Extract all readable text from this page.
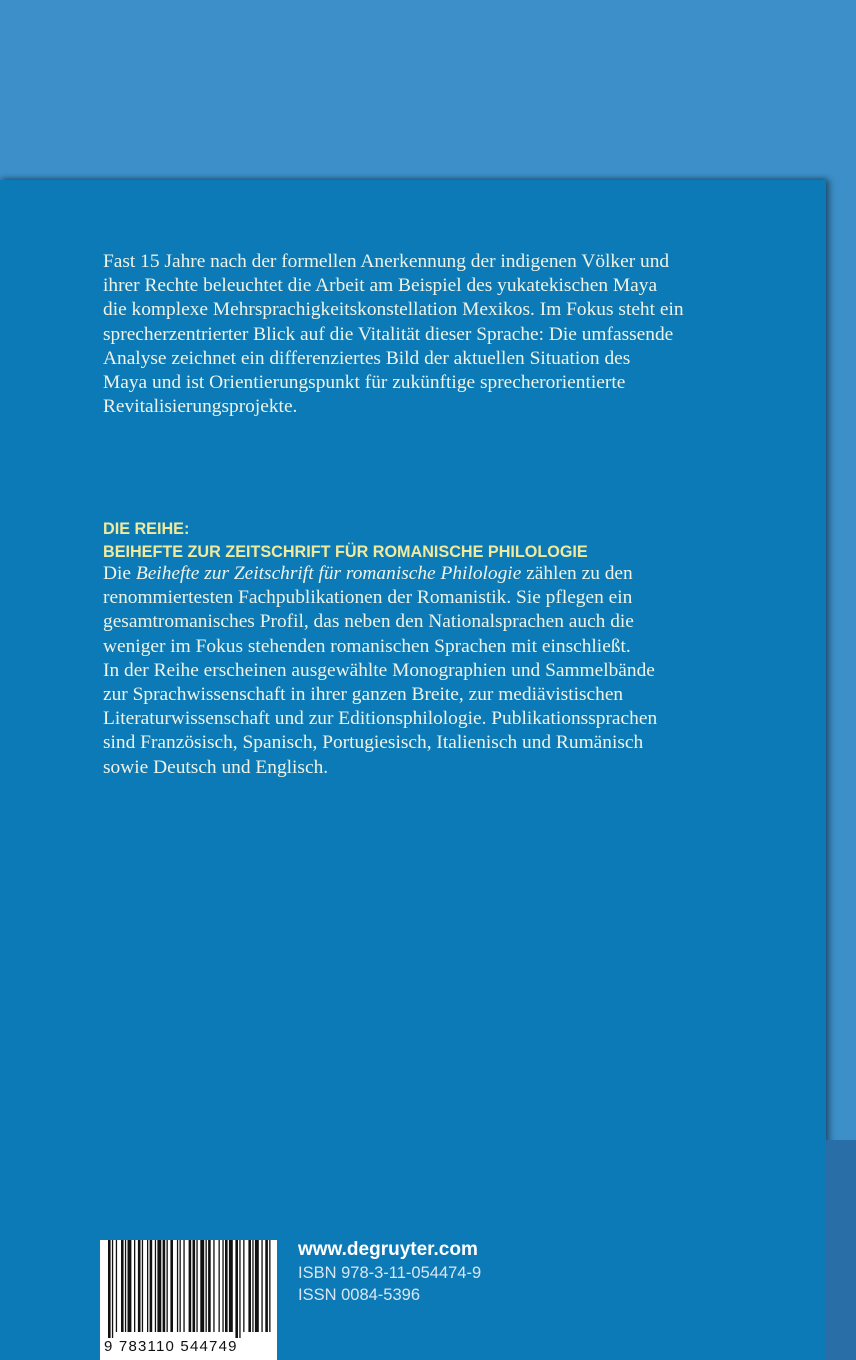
Fast 15 Jahre nach der formellen Anerkennung der indigenen Völker und
ihrer Rechte beleuchtet die Arbeit am Beispiel des yukatekischen Maya
die komplexe Mehrsprachigkeitskonstellation Mexikos. Im Fokus steht ein
sprecherzentrierter Blick auf die Vitalität dieser Sprache: Die umfassende
Analyse zeichnet ein differenziertes Bild der aktuellen Situation des
Maya und ist Orientierungspunkt für zukünftige sprecherorientierte
Revitalisierungsprojekte.

DIE REIHE:
BEIHEFTE ZUR ZEITSCHRIFT FÜR ROMANISCHE PHILOLOGIE

Die Beihefte zur Zeitschrift für romanische Philologie zählen zu den
renommiertesten Fachpublikationen der Romanistik. Sie pflegen ein
gesamtromanisches Profil, das neben den Nationalsprachen auch die
weniger im Fokus stehenden romanischen Sprachen mit einschließt.
In der Reihe erscheinen ausgewählte Monographien und Sammelbände
zur Sprachwissenschaft in ihrer ganzen Breite, zur mediävistischen
Literaturwissenschaft und zur Editionsphilologie. Publikationssprachen
sind Französisch, Spanisch, Portugiesisch, Italienisch und Rumänisch
sowie Deutsch und Englisch.

9 783110 544749
www.degruyter.com
ISBN 978-3-11-054474-9
ISSN 0084-5396
